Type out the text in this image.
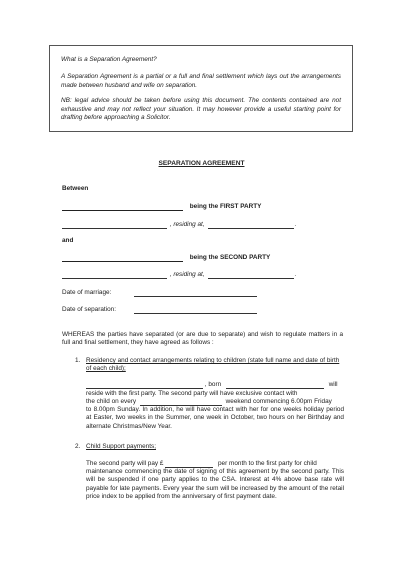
What is a Separation Agreement?

A Separation Agreement is a partial or a full and final settlement which lays out the arrangements made between husband and wife on separation.

NB: legal advice should be taken before using this document. The contents contained are not exhaustive and may not reflect your situation. It may however provide a useful starting point for drafting before approaching a Solicitor.

SEPARATION AGREEMENT
Between
being the FIRST PARTY
, residing at,	.
and
being the SECOND PARTY
, residing at,	.
Date of marriage:
Date of separation:
WHEREAS the parties have separated (or are due to separate) and wish to regulate matters in a full and final settlement, they have agreed as follows :
1. Residency and contact arrangements relating to children (state full name and date of birth of each child);
, born	will
reside with the first party. The second party will have exclusive contact with
the child on every	weekend commencing 6.00pm Friday
to 8.00pm Sunday. In addition, he will have contact with her for one weeks holiday period at Easter, two weeks in the Summer, one week in October, two hours on her Birthday and alternate Christmas/New Year.
2. Child Support payments;
The second party will pay £	per month to the first party for child
maintenance commencing the date of signing of this agreement by the second party. This will be suspended if one party applies to the CSA. Interest at 4% above base rate will payable for late payments. Every year the sum will be increased by the amount of the retail price index to be applied from the anniversary of first payment date.
